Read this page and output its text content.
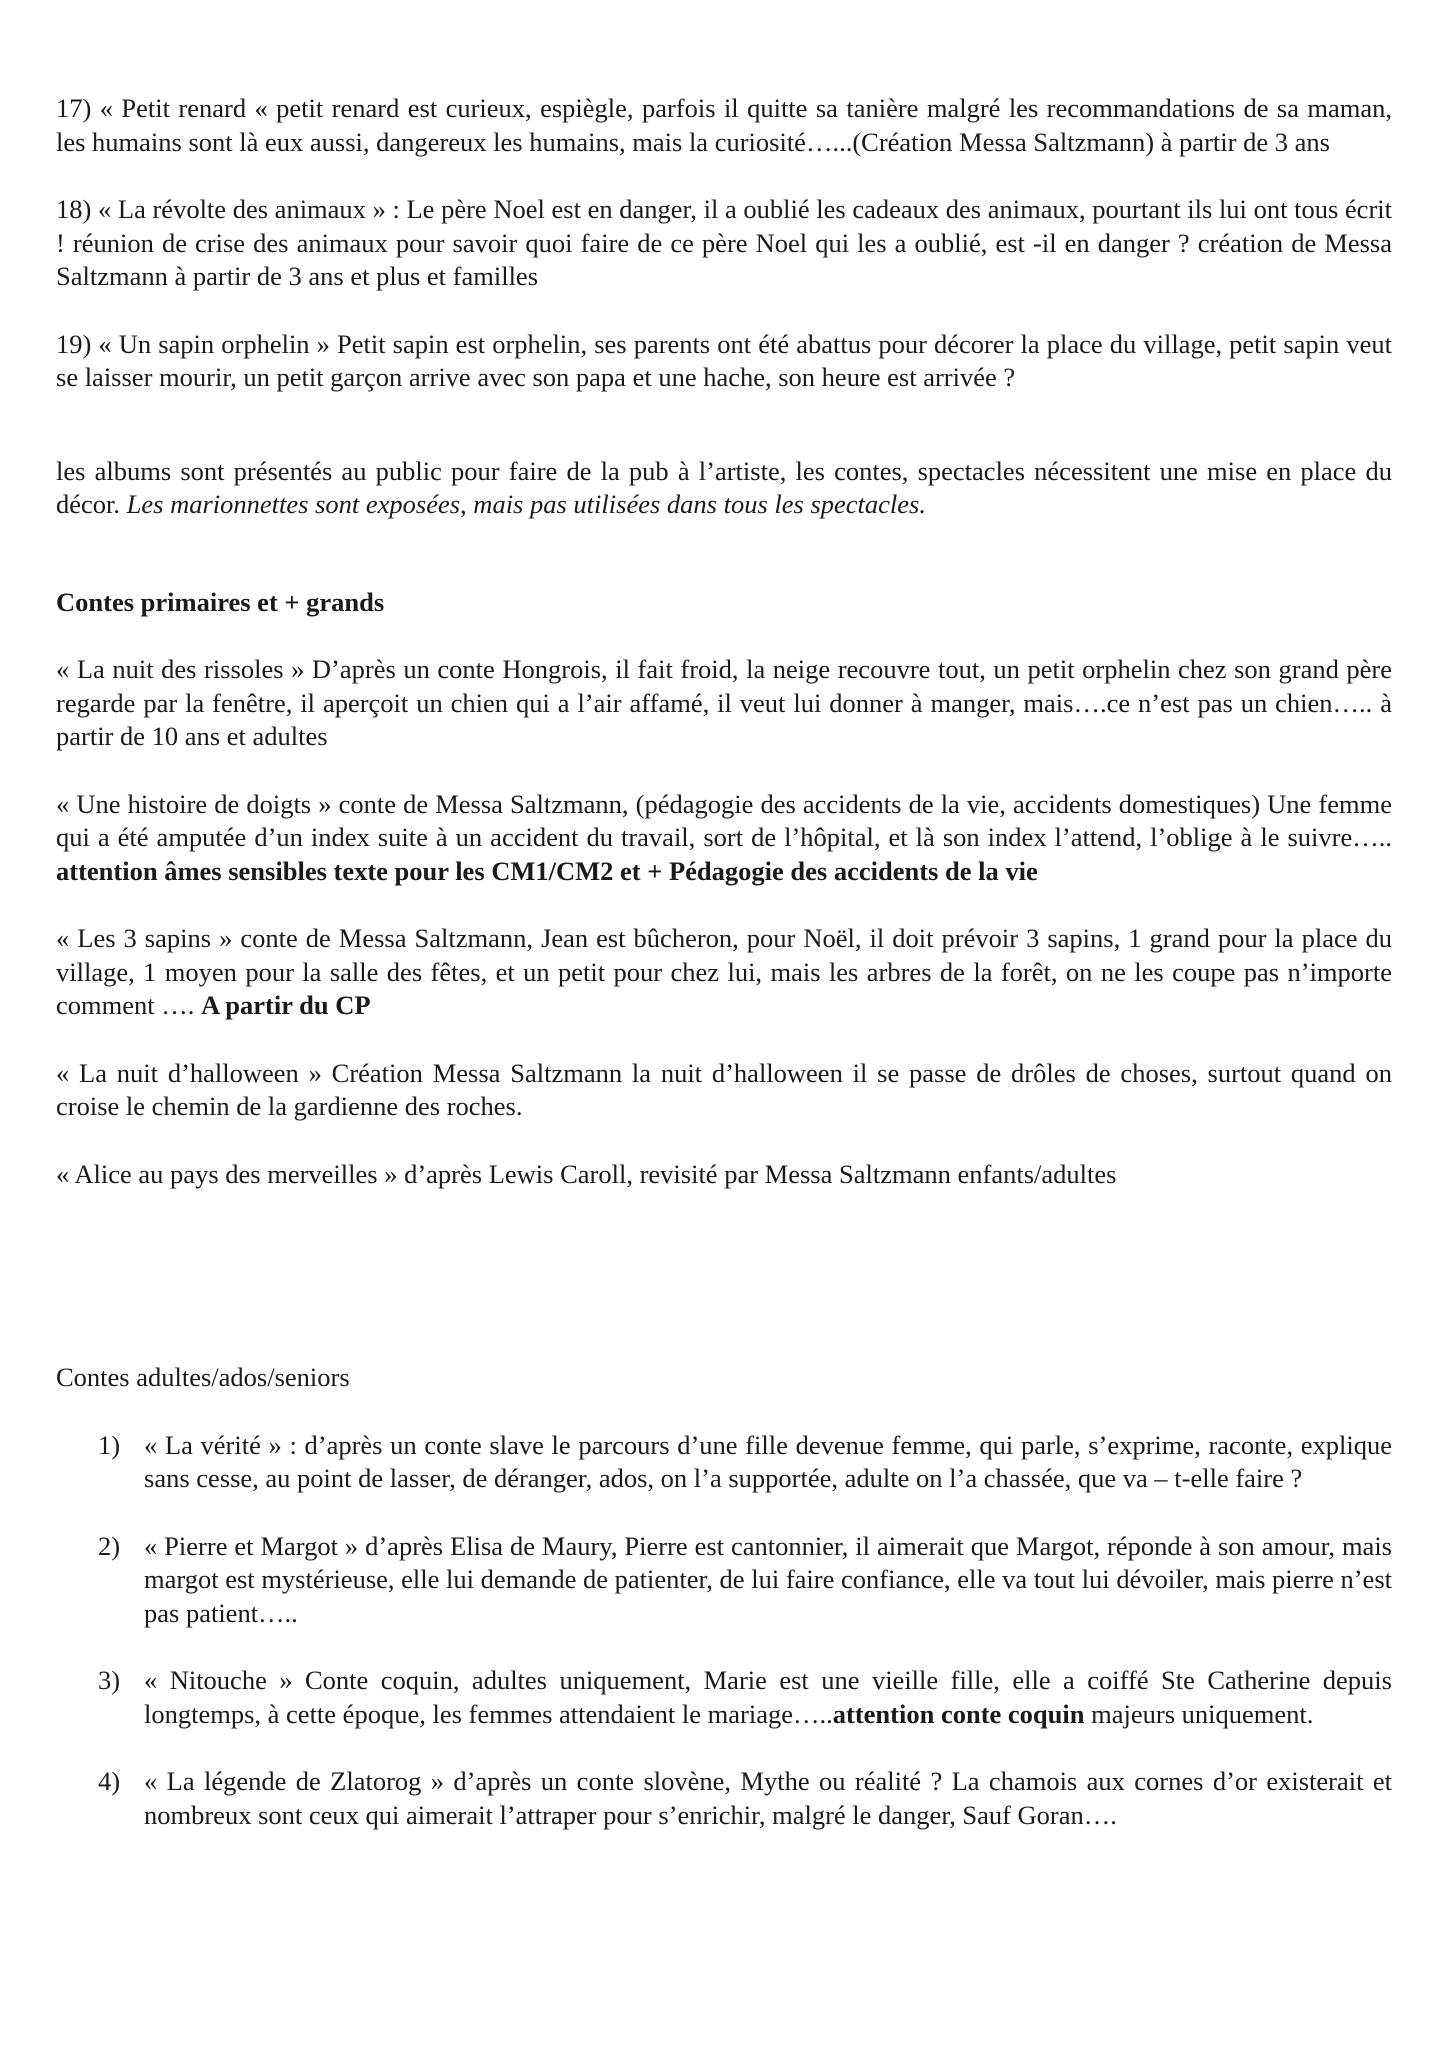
17) « Petit renard « petit renard est curieux, espiègle, parfois il quitte sa tanière malgré les recommandations de sa maman, les humains sont là eux aussi, dangereux les humains, mais la curiosité…...(Création Messa Saltzmann) à partir de 3 ans

18) « La révolte des animaux » : Le père Noel est en danger, il a oublié les cadeaux des animaux, pourtant ils lui ont tous écrit ! réunion de crise des animaux pour savoir quoi faire de ce père Noel qui les a oublié, est -il en danger ? création de Messa Saltzmann à partir de 3 ans et plus et familles

19) « Un sapin orphelin » Petit sapin est orphelin, ses parents ont été abattus pour décorer la place du village, petit sapin veut se laisser mourir, un petit garçon arrive avec son papa et une hache, son heure est arrivée ?

les albums sont présentés au public pour faire de la pub à l’artiste, les contes, spectacles nécessitent une mise en place du décor. Les marionnettes sont exposées, mais pas utilisées dans tous les spectacles.

Contes primaires et + grands

« La nuit des rissoles » D’après un conte Hongrois, il fait froid, la neige recouvre tout, un petit orphelin chez son grand père regarde par la fenêtre, il aperçoit un chien qui a l’air affamé, il veut lui donner à manger, mais….ce n’est pas un chien….. à partir de 10 ans et adultes

« Une histoire de doigts » conte de Messa Saltzmann, (pédagogie des accidents de la vie, accidents domestiques) Une femme qui a été amputée d’un index suite à un accident du travail, sort de l’hôpital, et là son index l’attend, l’oblige à le suivre….. attention âmes sensibles texte pour les CM1/CM2 et + Pédagogie des accidents de la vie

« Les 3 sapins » conte de Messa Saltzmann, Jean est bûcheron, pour Noël, il doit prévoir 3 sapins, 1 grand pour la place du village, 1 moyen pour la salle des fêtes, et un petit pour chez lui, mais les arbres de la forêt, on ne les coupe pas n’importe comment …. A partir du CP

« La nuit d’halloween » Création Messa Saltzmann la nuit d’halloween il se passe de drôles de choses, surtout quand on croise le chemin de la gardienne des roches.

« Alice au pays des merveilles » d’après Lewis Caroll, revisité par Messa Saltzmann enfants/adultes

Contes adultes/ados/seniors

1) « La vérité » : d’après un conte slave le parcours d’une fille devenue femme, qui parle, s’exprime, raconte, explique sans cesse, au point de lasser, de déranger, ados, on l’a supportée, adulte on l’a chassée, que va – t-elle faire ?
2) « Pierre et Margot » d’après Elisa de Maury, Pierre est cantonnier, il aimerait que Margot, réponde à son amour, mais margot est mystérieuse, elle lui demande de patienter, de lui faire confiance, elle va tout lui dévoiler, mais pierre n’est pas patient…..
3) « Nitouche » Conte coquin, adultes uniquement, Marie est une vieille fille, elle a coiffé Ste Catherine depuis longtemps, à cette époque, les femmes attendaient le mariage…..attention conte coquin majeurs uniquement.
4) « La légende de Zlatorog » d’après un conte slovène, Mythe ou réalité ? La chamois aux cornes d’or existerait et nombreux sont ceux qui aimerait l’attraper pour s’enrichir, malgré le danger, Sauf Goran….
